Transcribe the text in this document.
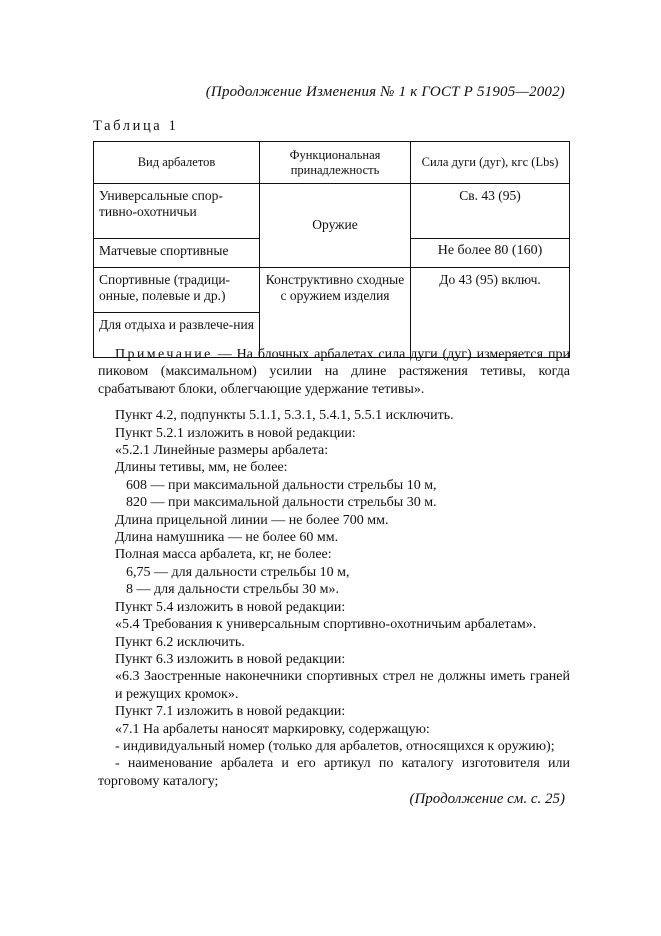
(Продолжение Изменения № 1 к ГОСТ Р 51905—2002)
Таблица 1
Вид арбалетов	Функциональная принадлежность	Сила дуги (дуг), кгс (Lbs)
Универсальные спор-тивно-охотничьи	Оружие	Св. 43 (95)
Матчевые спортивные		Не более 80 (160)
Спортивные (традици-онные, полевые и др.)	Конструктивно сходные с оружием изделия	До 43 (95) включ.
Для отдыха и развлече-ния		

Примечание — На блочных арбалетах сила дуги (дуг) измеряется при пиковом (максимальном) усилии на длине растяжения тетивы, когда срабатывают блоки, облегчающие удержание тетивы».

Пункт 4.2, подпункты 5.1.1, 5.3.1, 5.4.1, 5.5.1 исключить.

Пункт 5.2.1 изложить в новой редакции:

«5.2.1 Линейные размеры арбалета:

Длины тетивы, мм, не более:

608 — при максимальной дальности стрельбы 10 м,

820 — при максимальной дальности стрельбы 30 м.

Длина прицельной линии — не более 700 мм.

Длина намушника — не более 60 мм.

Полная масса арбалета, кг, не более:

6,75 — для дальности стрельбы 10 м,

8 — для дальности стрельбы 30 м».

Пункт 5.4 изложить в новой редакции:

«5.4 Требования к универсальным спортивно-охотничьим арбалетам».

Пункт 6.2 исключить.

Пункт 6.3 изложить в новой редакции:

«6.3 Заостренные наконечники спортивных стрел не должны иметь граней и режущих кромок».

Пункт 7.1 изложить в новой редакции:

«7.1 На арбалеты наносят маркировку, содержащую:

- индивидуальный номер (только для арбалетов, относящихся к оружию);

- наименование арбалета и его артикул по каталогу изготовителя или торговому каталогу;

(Продолжение см. с. 25)
